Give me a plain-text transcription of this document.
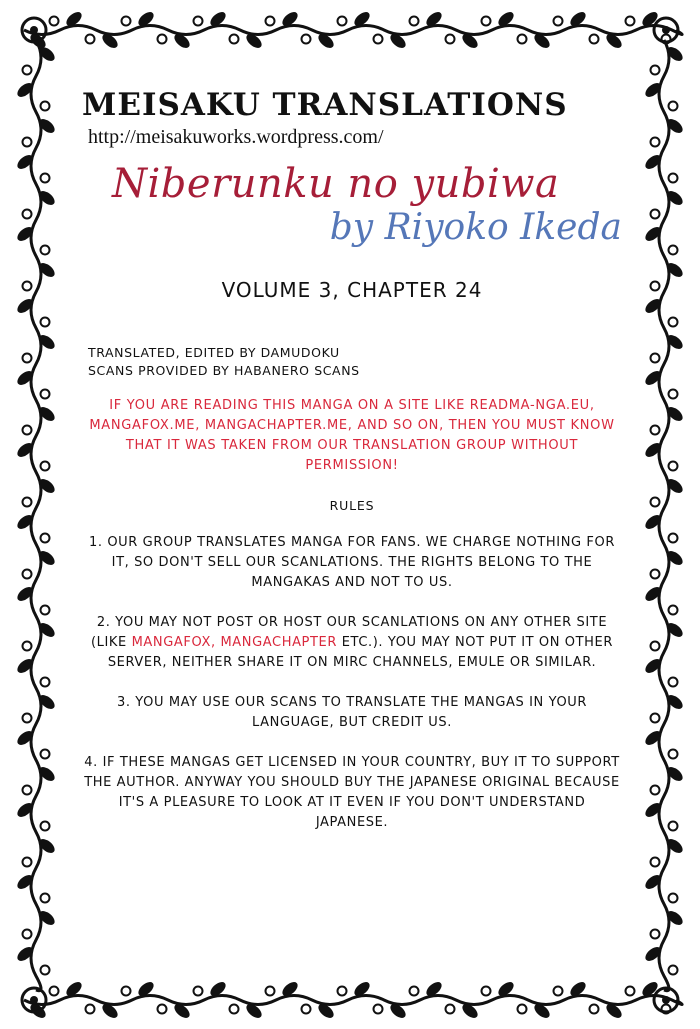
MEISAKU TRANSLATIONS
http://meisakuworks.wordpress.com/
Niberunku no yubiwa
by Riyoko Ikeda
VOLUME 3, CHAPTER 24
TRANSLATED, EDITED BY DAMUDOKU
SCANS PROVIDED BY HABANERO SCANS
IF YOU ARE READING THIS MANGA ON A SITE LIKE READMA-NGA.EU, MANGAFOX.ME, MANGACHAPTER.ME, AND SO ON, THEN YOU MUST KNOW THAT IT WAS TAKEN FROM OUR TRANSLATION GROUP WITHOUT PERMISSION!
RULES
1. OUR GROUP TRANSLATES MANGA FOR FANS. WE CHARGE NOTHING FOR IT, SO DON'T SELL OUR SCANLATIONS. THE RIGHTS BELONG TO THE MANGAKAS AND NOT TO US.
2. YOU MAY NOT POST OR HOST OUR SCANLATIONS ON ANY OTHER SITE (LIKE MANGAFOX, MANGACHAPTER ETC.). YOU MAY NOT PUT IT ON OTHER SERVER, NEITHER SHARE IT ON MIRC CHANNELS, EMULE OR SIMILAR.
3. YOU MAY USE OUR SCANS TO TRANSLATE THE MANGAS IN YOUR LANGUAGE, BUT CREDIT US.
4. IF THESE MANGAS GET LICENSED IN YOUR COUNTRY, BUY IT TO SUPPORT THE AUTHOR. ANYWAY YOU SHOULD BUY THE JAPANESE ORIGINAL BECAUSE IT'S A PLEASURE TO LOOK AT IT EVEN IF YOU DON'T UNDERSTAND JAPANESE.
